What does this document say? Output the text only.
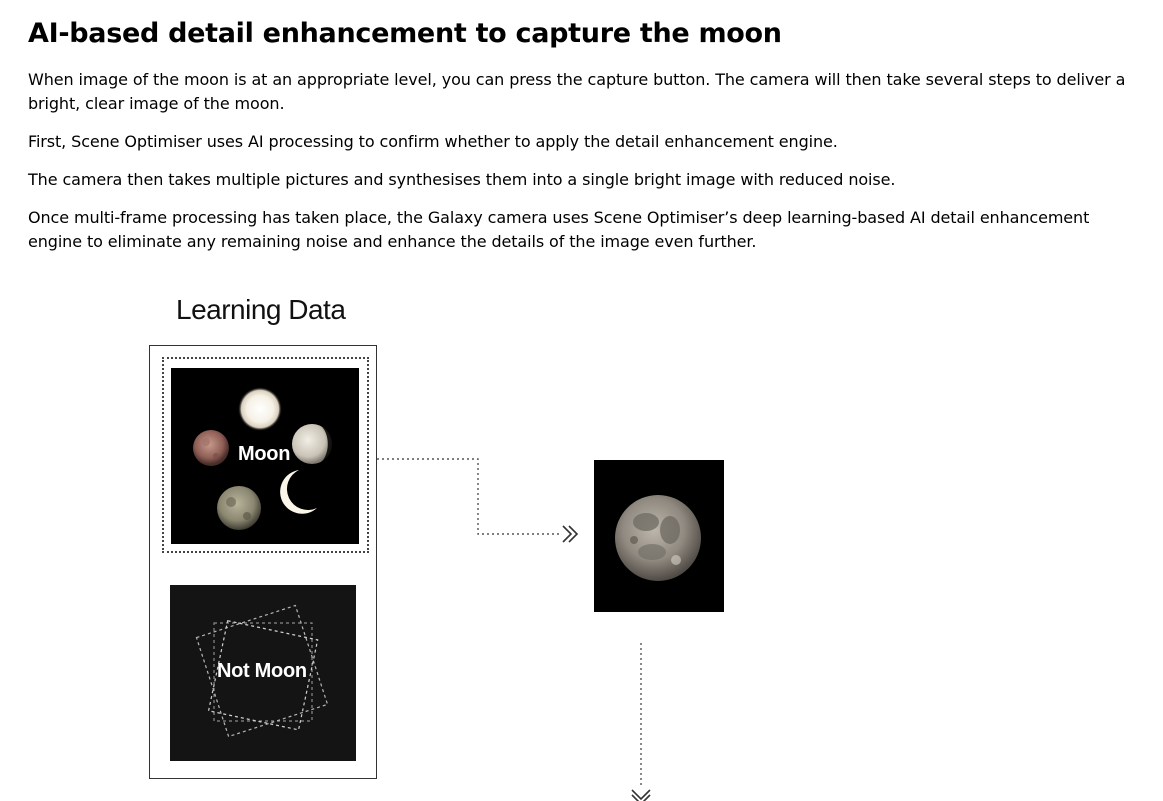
AI-based detail enhancement to capture the moon

When image of the moon is at an appropriate level, you can press the capture button. The camera will then take several steps to deliver a bright, clear image of the moon.

First, Scene Optimiser uses AI processing to confirm whether to apply the detail enhancement engine.

The camera then takes multiple pictures and synthesises them into a single bright image with reduced noise.

Once multi-frame processing has taken place, the Galaxy camera uses Scene Optimiser’s deep learning-based AI detail enhancement engine to eliminate any remaining noise and enhance the details of the image even further.

Learning Data
Moon
Not Moon
